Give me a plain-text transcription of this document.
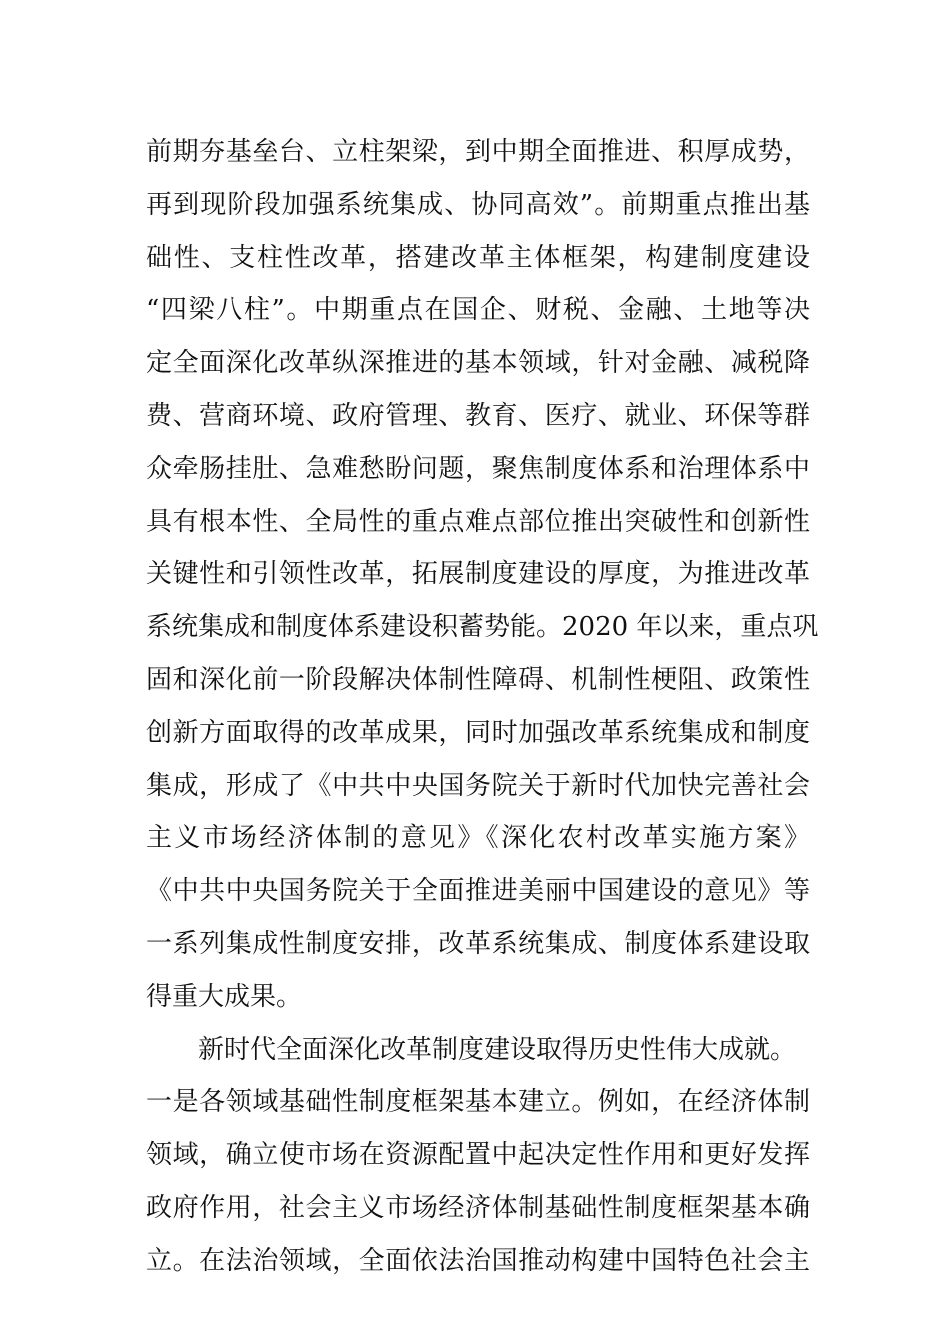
前期夯基垒台、立柱架梁，到中期全面推进、积厚成势，
再到现阶段加强系统集成、协同高效”。前期重点推出基
础性、支柱性改革，搭建改革主体框架，构建制度建设
“四梁八柱”。中期重点在国企、财税、金融、土地等决
定全面深化改革纵深推进的基本领域，针对金融、减税降
费、营商环境、政府管理、教育、医疗、就业、环保等群
众牵肠挂肚、急难愁盼问题，聚焦制度体系和治理体系中
具有根本性、全局性的重点难点部位推出突破性和创新性
关键性和引领性改革，拓展制度建设的厚度，为推进改革
系统集成和制度体系建设积蓄势能。2020 年以来，重点巩
固和深化前一阶段解决体制性障碍、机制性梗阻、政策性
创新方面取得的改革成果，同时加强改革系统集成和制度
集成，形成了《中共中央国务院关于新时代加快完善社会
主义市场经济体制的意见》《深化农村改革实施方案》
《中共中央国务院关于全面推进美丽中国建设的意见》等
一系列集成性制度安排，改革系统集成、制度体系建设取
得重大成果。
新时代全面深化改革制度建设取得历史性伟大成就。
一是各领域基础性制度框架基本建立。例如，在经济体制
领域，确立使市场在资源配置中起决定性作用和更好发挥
政府作用，社会主义市场经济体制基础性制度框架基本确
立。在法治领域，全面依法治国推动构建中国特色社会主
